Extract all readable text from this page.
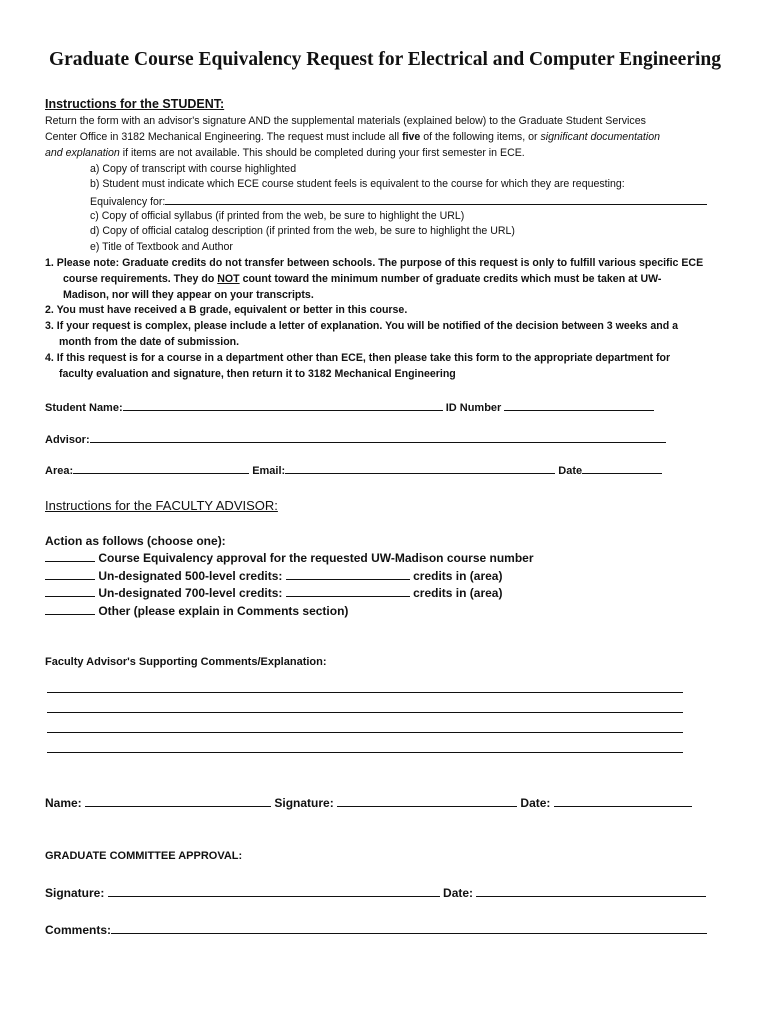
Graduate Course Equivalency Request for Electrical and Computer Engineering
Instructions for the STUDENT:
Return the form with an advisor's signature AND the supplemental materials (explained below) to the Graduate Student Services
Center Office in 3182 Mechanical Engineering. The request must include all five of the following items, or significant documentation
and explanation if items are not available. This should be completed during your first semester in ECE.
a) Copy of transcript with course highlighted
b) Student must indicate which ECE course student feels is equivalent to the course for which they are requesting:
Equivalency for:
c) Copy of official syllabus (if printed from the web, be sure to highlight the URL)
d) Copy of official catalog description (if printed from the web, be sure to highlight the URL)
e) Title of Textbook and Author
1. Please note: Graduate credits do not transfer between schools. The purpose of this request is only to fulfill various specific ECE
course requirements. They do NOT count toward the minimum number of graduate credits which must be taken at UW-
Madison, nor will they appear on your transcripts.
2. You must have received a B grade, equivalent or better in this course.
3. If your request is complex, please include a letter of explanation. You will be notified of the decision between 3 weeks and a
month from the date of submission.
4. If this request is for a course in a department other than ECE, then please take this form to the appropriate department for
faculty evaluation and signature, then return it to 3182 Mechanical Engineering
Student Name:	ID Number
Advisor:
Area:	Email:	Date
Instructions for the FACULTY ADVISOR:
Action as follows (choose one):
Course Equivalency approval for the requested UW-Madison course number
Un-designated 500-level credits:	credits in (area)
Un-designated 700-level credits:	credits in (area)
Other (please explain in Comments section)
Faculty Advisor's Supporting Comments/Explanation:
Name:	Signature:	Date:
GRADUATE COMMITTEE APPROVAL:
Signature:	Date:
Comments:
